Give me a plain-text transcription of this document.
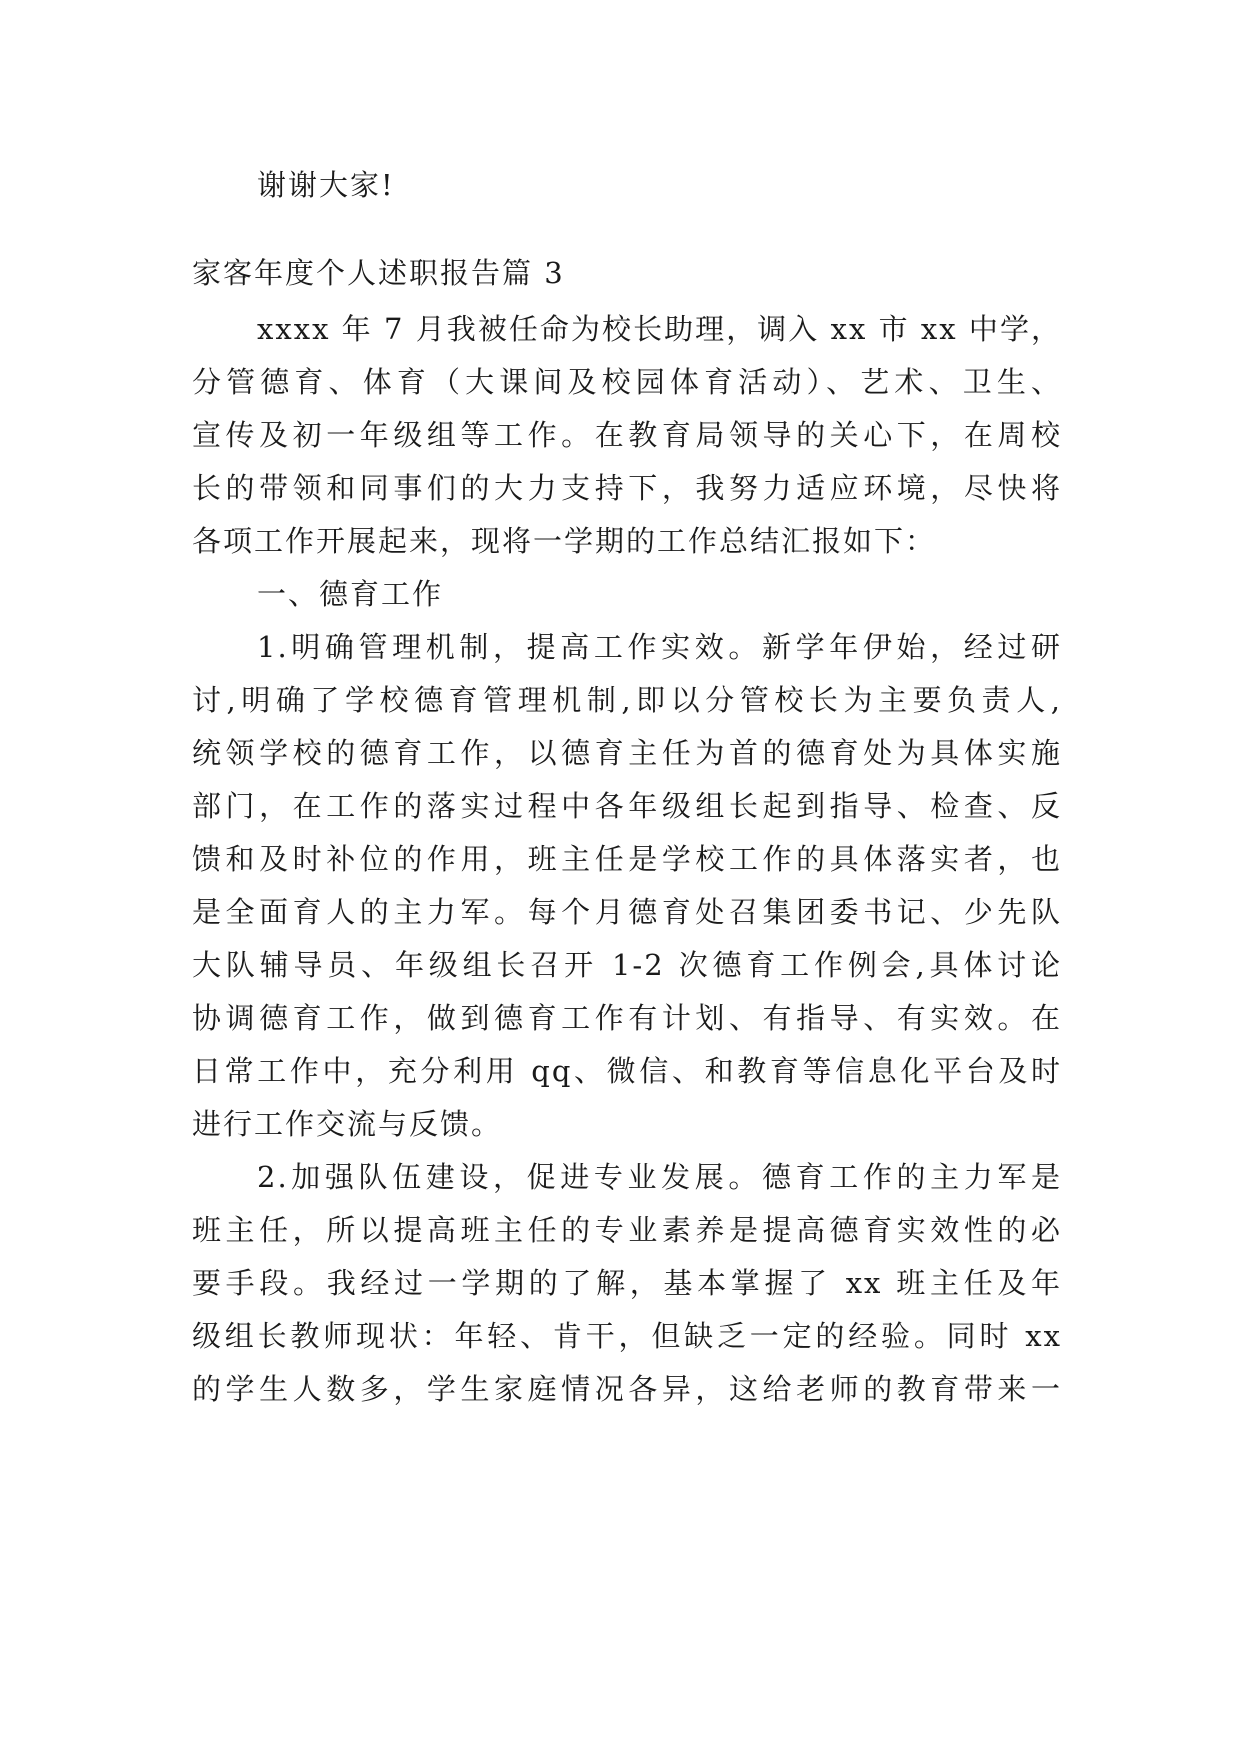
谢谢大家!
家客年度个人述职报告篇 3
xxxx 年 7 月我被任命为校长助理，调入 xx 市 xx 中学，
分管德育、体育（大课间及校园体育活动）、艺术、卫生、
宣传及初一年级组等工作。在教育局领导的关心下，在周校
长的带领和同事们的大力支持下，我努力适应环境，尽快将
各项工作开展起来，现将一学期的工作总结汇报如下：
一、德育工作
1.明确管理机制，提高工作实效。新学年伊始，经过研
讨,明确了学校德育管理机制,即以分管校长为主要负责人,
统领学校的德育工作，以德育主任为首的德育处为具体实施
部门，在工作的落实过程中各年级组长起到指导、检查、反
馈和及时补位的作用，班主任是学校工作的具体落实者，也
是全面育人的主力军。每个月德育处召集团委书记、少先队
大队辅导员、年级组长召开 1-2 次德育工作例会,具体讨论
协调德育工作，做到德育工作有计划、有指导、有实效。在
日常工作中，充分利用 qq、微信、和教育等信息化平台及时
进行工作交流与反馈。
2.加强队伍建设，促进专业发展。德育工作的主力军是
班主任，所以提高班主任的专业素养是提高德育实效性的必
要手段。我经过一学期的了解，基本掌握了 xx 班主任及年
级组长教师现状：年轻、肯干，但缺乏一定的经验。同时 xx
的学生人数多，学生家庭情况各异，这给老师的教育带来一
